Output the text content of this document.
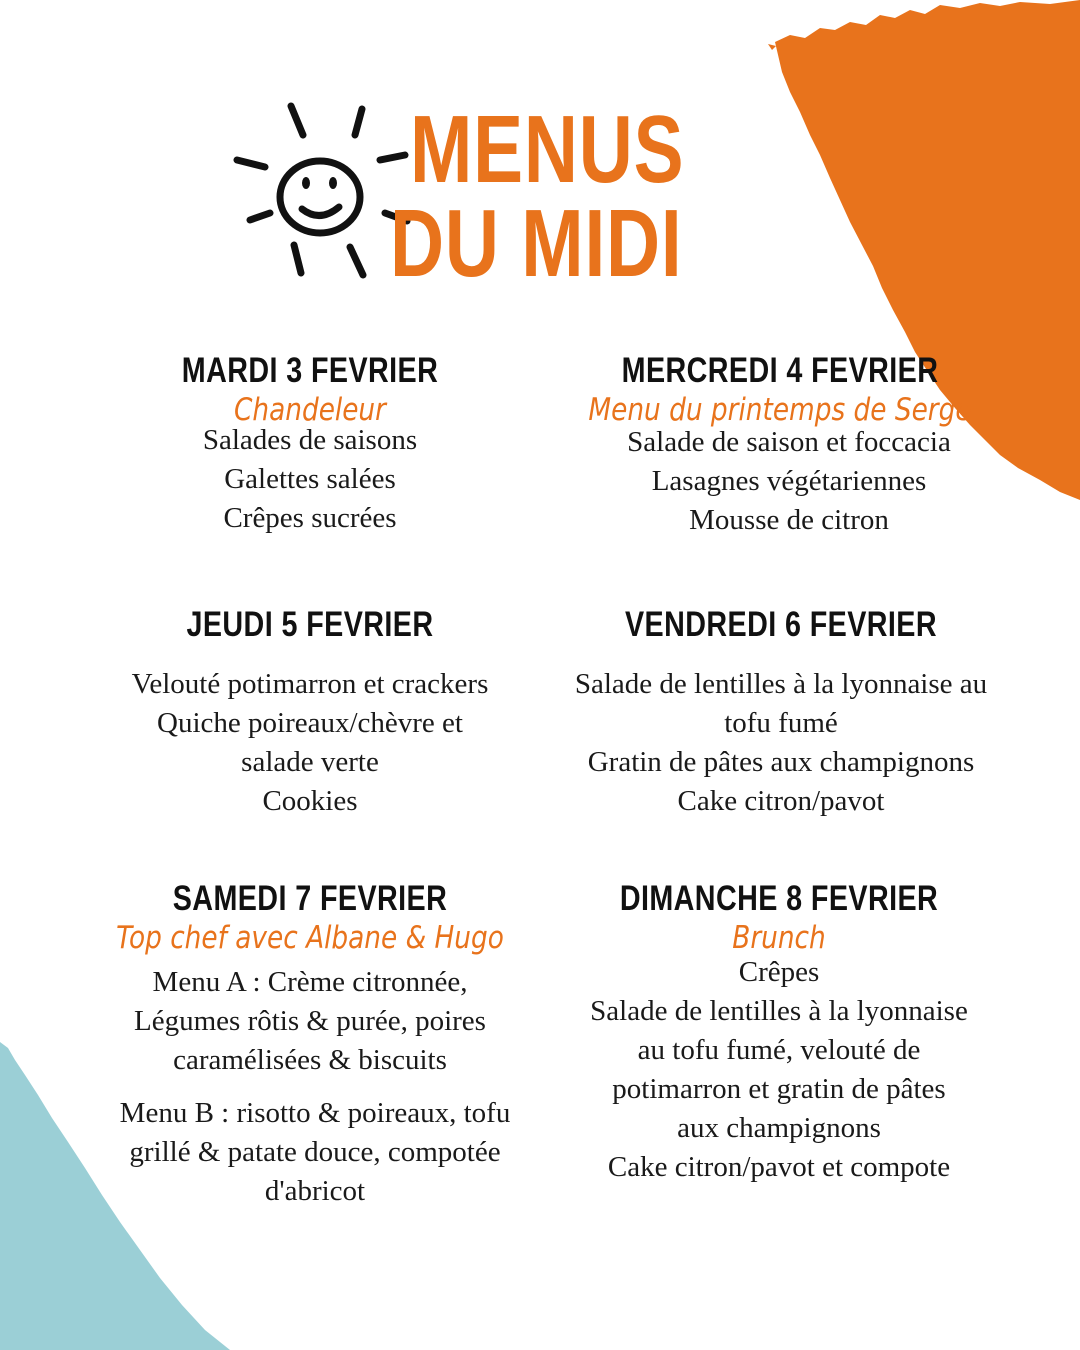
MENUS
DU MIDI
MARDI 3 FEVRIER

Chandeleur

Salades de saisons
Galettes salées
Crêpes sucrées
MERCREDI 4 FEVRIER

Menu du printemps de Serge

Salade de saison et foccacia
Lasagnes végétariennes
Mousse de citron
JEUDI 5 FEVRIER
Velouté potimarron et crackers
Quiche poireaux/chèvre et
salade verte
Cookies
VENDREDI 6 FEVRIER
Salade de lentilles à la lyonnaise au
tofu fumé
Gratin de pâtes aux champignons
Cake citron/pavot
SAMEDI 7 FEVRIER

Top chef avec Albane & Hugo

Menu A : Crème citronnée,
Légumes rôtis & purée, poires
caramélisées & biscuits
Menu B : risotto & poireaux, tofu
grillé & patate douce, compotée
d'abricot
DIMANCHE 8 FEVRIER

Brunch

Crêpes
Salade de lentilles à la lyonnaise
au tofu fumé, velouté de
potimarron et gratin de pâtes
aux champignons
Cake citron/pavot et compote
